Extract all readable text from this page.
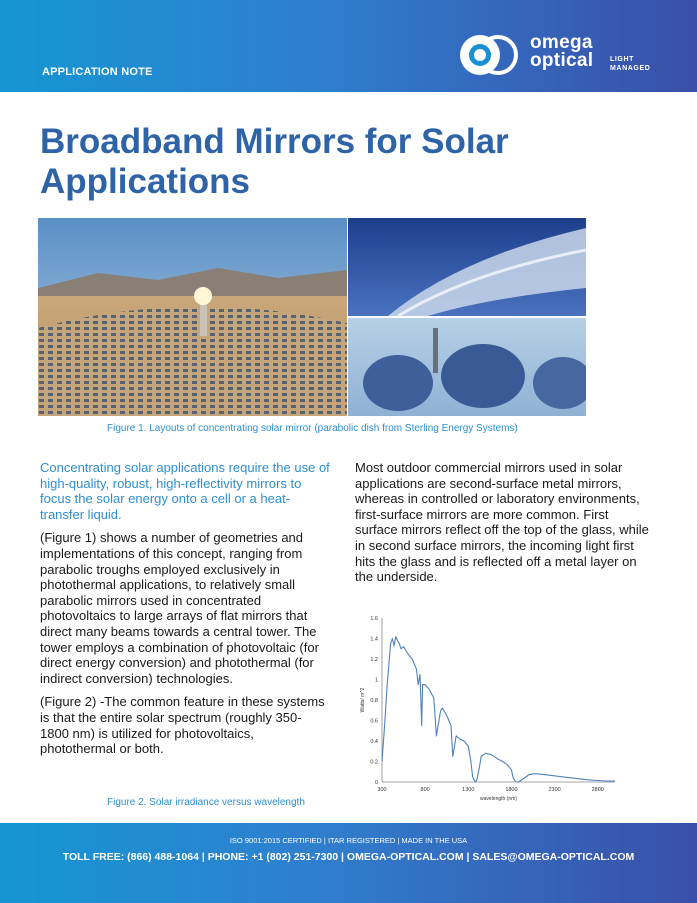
APPLICATION NOTE
omega
optical LIGHT
MANAGED
Broadband Mirrors for Solar Applications
Figure 1. Layouts of concentrating solar mirror (parabolic dish from Sterling Energy Systems)

Concentrating solar applications require the use of high-quality, robust, high-reflectivity mirrors to focus the solar energy onto a cell or a heat-transfer liquid.

(Figure 1) shows a number of geometries and implementations of this concept, ranging from parabolic troughs employed exclusively in photothermal applications, to relatively small parabolic mirrors used in concentrated photovoltaics to large arrays of flat mirrors that direct many beams towards a central tower. The tower employs a combination of photovoltaic (for direct energy conversion) and photothermal (for indirect conversion) technologies.

(Figure 2) -The common feature in these systems is that the entire solar spectrum (roughly 350-1800 nm) is utilized for photovoltaics, photothermal or both.

Most outdoor commercial mirrors used in solar applications are second-surface metal mirrors, whereas in controlled or laboratory environments, first-surface mirrors are more common. First surface mirrors reflect off the top of the glass, while in second surface mirrors, the incoming light first hits the glass and is reflected off a metal layer on the underside.

0
0.2
0.4
0.6
0.8
1
1.2
1.4
1.6
300	800	1300	1800	2300	2800
wavelength (nm)
Watts/ m^2
Figure 2. Solar irradiance versus wavelength
ISO 9001:2015 CERTIFIED | ITAR REGISTERED | MADE IN THE USA
TOLL FREE: (866) 488-1064 | PHONE: +1 (802) 251-7300 | OMEGA-OPTICAL.COM | SALES@OMEGA-OPTICAL.COM
